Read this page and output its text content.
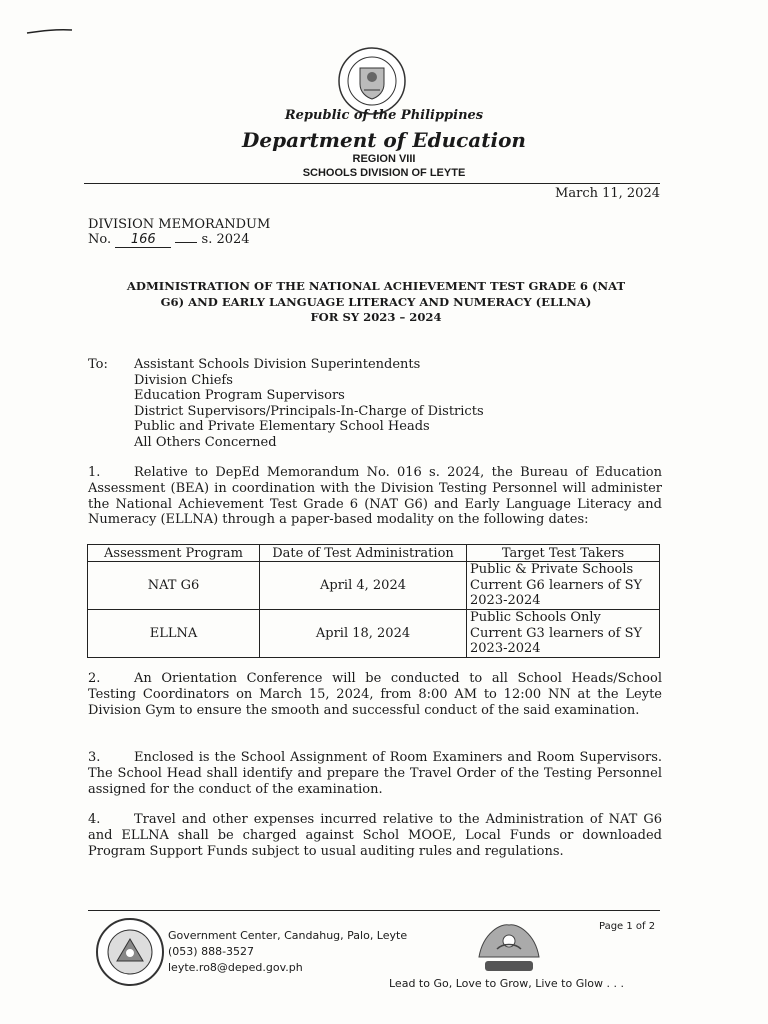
Republic of the Philippines
Department of Education
REGION VIII
SCHOOLS DIVISION OF LEYTE
March 11, 2024
DIVISION MEMORANDUM
No. 166	s. 2024
ADMINISTRATION OF THE NATIONAL ACHIEVEMENT TEST GRADE 6 (NAT
G6) AND EARLY LANGUAGE LITERACY AND NUMERACY (ELLNA)
FOR SY 2023 – 2024
To: Assistant Schools Division Superintendents
Division Chiefs
Education Program Supervisors
District Supervisors/Principals-In-Charge of Districts
Public and Private Elementary School Heads
All Others Concerned
1.	Relative to DepEd Memorandum No. 016 s. 2024, the Bureau of Education Assessment (BEA) in coordination with the Division Testing Personnel will administer the National Achievement Test Grade 6 (NAT G6) and Early Language Literacy and Numeracy (ELLNA) through a paper-based modality on the following dates:
Assessment Program	Date of Test Administration	Target Test Takers
NAT G6	April 4, 2024	Public & Private Schools
Current G6 learners of SY
2023-2024

ELLNA	April 18, 2024	Public Schools Only
Current G3 learners of SY
2023-2024
2.	An Orientation Conference will be conducted to all School Heads/School Testing Coordinators on March 15, 2024, from 8:00 AM to 12:00 NN at the Leyte Division Gym to ensure the smooth and successful conduct of the said examination.
3.	Enclosed is the School Assignment of Room Examiners and Room Supervisors. The School Head shall identify and prepare the Travel Order of the Testing Personnel assigned for the conduct of the examination.
4.	Travel and other expenses incurred relative to the Administration of NAT G6 and ELLNA shall be charged against Schol MOOE, Local Funds or downloaded Program Support Funds subject to usual auditing rules and regulations.
Government Center, Candahug, Palo, Leyte
(053) 888-3527
leyte.ro8@deped.gov.ph
Page 1 of 2
Lead to Go, Love to Grow, Live to Glow . . .
